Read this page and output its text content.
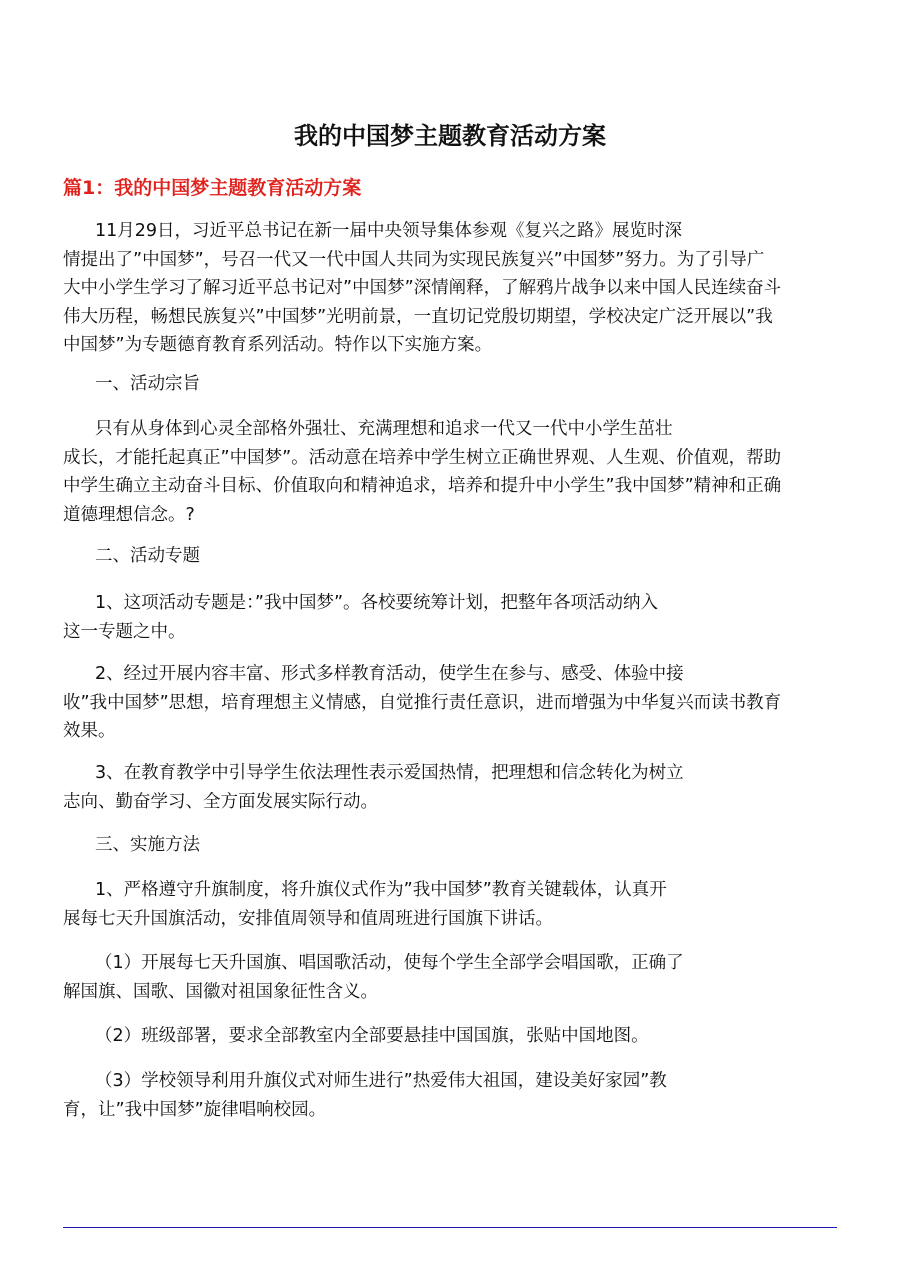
我的中国梦主题教育活动方案
篇1：我的中国梦主题教育活动方案
11月29日，习近平总书记在新一届中央领导集体参观《复兴之路》展览时深
情提出了”中国梦”，号召一代又一代中国人共同为实现民族复兴”中国梦”努力。为了引导广
大中小学生学习了解习近平总书记对”中国梦”深情阐释，了解鸦片战争以来中国人民连续奋斗
伟大历程，畅想民族复兴”中国梦”光明前景，一直切记党殷切期望，学校决定广泛开展以”我
中国梦”为专题德育教育系列活动。特作以下实施方案。
一、活动宗旨
只有从身体到心灵全部格外强壮、充满理想和追求一代又一代中小学生茁壮
成长，才能托起真正”中国梦”。活动意在培养中学生树立正确世界观、人生观、价值观，帮助
中学生确立主动奋斗目标、价值取向和精神追求，培养和提升中小学生”我中国梦”精神和正确
道德理想信念。?
二、活动专题
1、这项活动专题是：”我中国梦”。各校要统筹计划，把整年各项活动纳入
这一专题之中。
2、经过开展内容丰富、形式多样教育活动，使学生在参与、感受、体验中接
收”我中国梦”思想，培育理想主义情感，自觉推行责任意识，进而增强为中华复兴而读书教育
效果。
3、在教育教学中引导学生依法理性表示爱国热情，把理想和信念转化为树立
志向、勤奋学习、全方面发展实际行动。
三、实施方法
1、严格遵守升旗制度，将升旗仪式作为”我中国梦”教育关键载体，认真开
展每七天升国旗活动，安排值周领导和值周班进行国旗下讲话。
（1）开展每七天升国旗、唱国歌活动，使每个学生全部学会唱国歌，正确了
解国旗、国歌、国徽对祖国象征性含义。
（2）班级部署，要求全部教室内全部要悬挂中国国旗，张贴中国地图。
（3）学校领导利用升旗仪式对师生进行”热爱伟大祖国，建设美好家园”教
育，让”我中国梦”旋律唱响校园。
